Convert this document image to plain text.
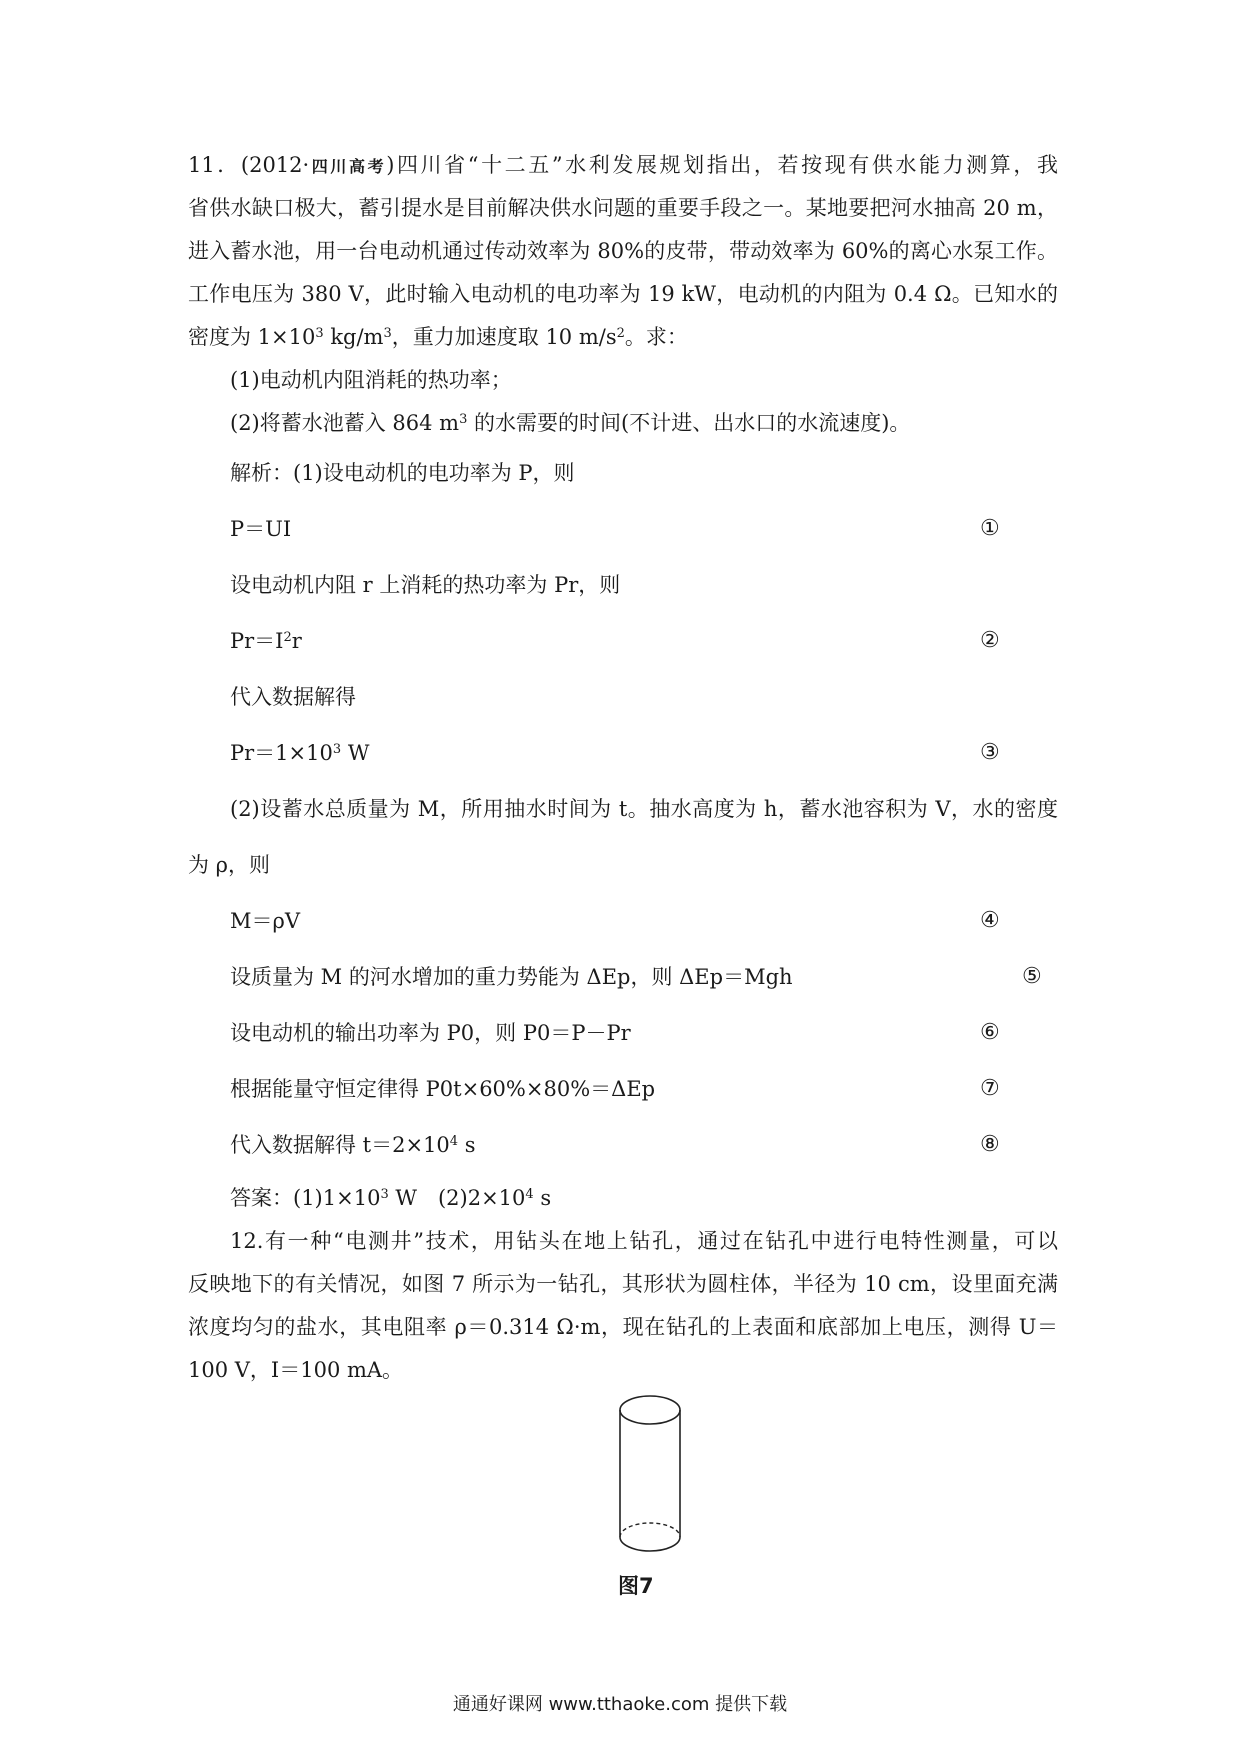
11．(2012·四川高考)四川省“十二五”水利发展规划指出，若按现有供水能力测算，我
省供水缺口极大，蓄引提水是目前解决供水问题的重要手段之一。某地要把河水抽高 20 m，
进入蓄水池，用一台电动机通过传动效率为 80%的皮带，带动效率为 60%的离心水泵工作。
工作电压为 380 V，此时输入电动机的电功率为 19 kW，电动机的内阻为 0.4 Ω。已知水的
密度为 $1\times 10^3$ $kg/m^3$，重力加速度取 10 $m/s^2$。求：
(1)电动机内阻消耗的热功率；
(2)将蓄水池蓄入 864 $m^3$ 的水需要的时间(不计进、出水口的水流速度)。
解析：(1)设电动机的电功率为 P，则
P＝UI	①
设电动机内阻 r 上消耗的热功率为 Pr，则
$Pr=I^2r$	②
代入数据解得
$Pr=1\times 10^3$ W	③
(2)设蓄水总质量为 M，所用抽水时间为 t。抽水高度为 h，蓄水池容积为 V，水的密度
为 ρ，则
M＝ρV	④
设质量为 M 的河水增加的重力势能为 ΔEp，则 ΔEp＝Mgh	⑤
设电动机的输出功率为 P0，则 P0＝P－Pr	⑥
根据能量守恒定律得 P0t×60%×80%＝ΔEp	⑦
代入数据解得 $t=2\times 10^4$ s	⑧
答案：$(1)1\times 10^3$ W　$(2)2\times 10^4$ s
12.有一种“电测井”技术，用钻头在地上钻孔，通过在钻孔中进行电特性测量，可以
反映地下的有关情况，如图 7 所示为一钻孔，其形状为圆柱体，半径为 10 cm，设里面充满
浓度均匀的盐水，其电阻率 ρ＝0.314 Ω·m，现在钻孔的上表面和底部加上电压，测得 U＝
100 V，I＝100 mA。
图7
通通好课网 www.tthaoke.com 提供下载
